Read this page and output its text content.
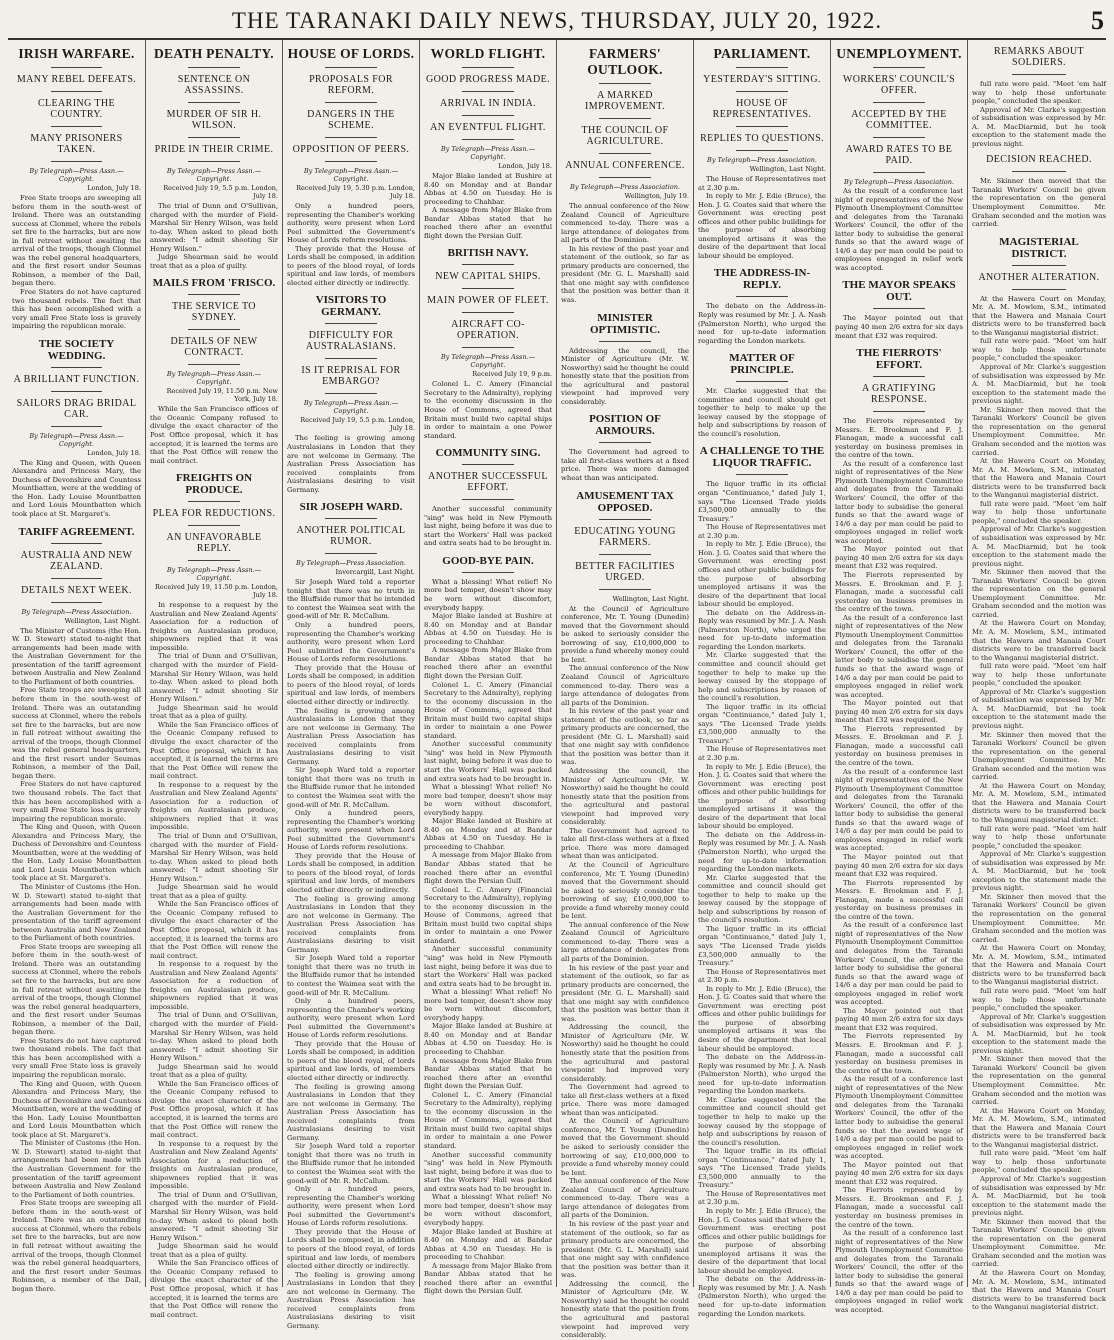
THE TARANAKI DAILY NEWS, THURSDAY, JULY 20, 1922.	5
IRISH WARFARE.
MANY REBEL DEFEATS.
CLEARING THE COUNTRY.
MANY PRISONERS TAKEN.
By Telegraph—Press Assn.—Copyright.
London, July 18.

Free State troops are sweeping all before them in the south-west of Ireland. There was an outstanding success at Clonmel, where the rebels set fire to the barracks, but are now in full retreat without awaiting the arrival of the troops, though Clonmel was the rebel general headquarters, and the first resort under Seumas Robinson, a member of the Dail, began there.

Free Staters do not have captured two thousand rebels. The fact that this has been accomplished with a very small Free State loss is gravely impairing the republican morale.

THE SOCIETY WEDDING.
A BRILLIANT FUNCTION.
SAILORS DRAG BRIDAL CAR.
By Telegraph—Press Assn.—Copyright.
London, July 18.

The King and Queen, with Queen Alexandra and Princess Mary, the Duchess of Devonshire and Countess Mountbatten, were at the wedding of the Hon. Lady Louise Mountbatten and Lord Louis Mountbatten which took place at St. Margaret's.

TARIFF AGREEMENT.
AUSTRALIA AND NEW ZEALAND.
DETAILS NEXT WEEK.
By Telegraph—Press Association.
Wellington, Last Night.

The Minister of Customs (the Hon. W. D. Stewart) stated to-night that arrangements had been made with the Australian Government for the presentation of the tariff agreement between Australia and New Zealand to the Parliament of both countries.

Free State troops are sweeping all before them in the south-west of Ireland. There was an outstanding success at Clonmel, where the rebels set fire to the barracks, but are now in full retreat without awaiting the arrival of the troops, though Clonmel was the rebel general headquarters, and the first resort under Seumas Robinson, a member of the Dail, began there.
Free Staters do not have captured two thousand rebels. The fact that this has been accomplished with a very small Free State loss is gravely impairing the republican morale.
The King and Queen, with Queen Alexandra and Princess Mary, the Duchess of Devonshire and Countess Mountbatten, were at the wedding of the Hon. Lady Louise Mountbatten and Lord Louis Mountbatten which took place at St. Margaret's.
The Minister of Customs (the Hon. W. D. Stewart) stated to-night that arrangements had been made with the Australian Government for the presentation of the tariff agreement between Australia and New Zealand to the Parliament of both countries.
Free State troops are sweeping all before them in the south-west of Ireland. There was an outstanding success at Clonmel, where the rebels set fire to the barracks, but are now in full retreat without awaiting the arrival of the troops, though Clonmel was the rebel general headquarters, and the first resort under Seumas Robinson, a member of the Dail, began there.
Free Staters do not have captured two thousand rebels. The fact that this has been accomplished with a very small Free State loss is gravely impairing the republican morale.
The King and Queen, with Queen Alexandra and Princess Mary, the Duchess of Devonshire and Countess Mountbatten, were at the wedding of the Hon. Lady Louise Mountbatten and Lord Louis Mountbatten which took place at St. Margaret's.
The Minister of Customs (the Hon. W. D. Stewart) stated to-night that arrangements had been made with the Australian Government for the presentation of the tariff agreement between Australia and New Zealand to the Parliament of both countries.
Free State troops are sweeping all before them in the south-west of Ireland. There was an outstanding success at Clonmel, where the rebels set fire to the barracks, but are now in full retreat without awaiting the arrival of the troops, though Clonmel was the rebel general headquarters, and the first resort under Seumas Robinson, a member of the Dail, began there.
DEATH PENALTY.
SENTENCE ON ASSASSINS.
MURDER OF SIR H. WILSON.
PRIDE IN THEIR CRIME.
By Telegraph—Press Assn.—Copyright.
Received July 19, 5.5 p.m. London, July 18.

The trial of Dunn and O'Sullivan, charged with the murder of Field-Marshal Sir Henry Wilson, was held to-day. When asked to plead both answered: "I admit shooting Sir Henry Wilson."

Judge Shearman said he would treat that as a plea of guilty.

MAILS FROM 'FRISCO.
THE SERVICE TO SYDNEY.
DETAILS OF NEW CONTRACT.
By Telegraph—Press Assn.—Copyright.
Received July 19, 11.50 p.m. New York, July 18.

While the San Francisco offices of the Oceanic Company refused to divulge the exact character of the Post Office proposal, which it has accepted, it is learned the terms are that the Post Office will renew the mail contract.

FREIGHTS ON PRODUCE.
PLEA FOR REDUCTIONS.
AN UNFAVORABLE REPLY.
By Telegraph—Press Assn.—Copyright.
Received July 19, 11.50 p.m. London, July 18.

In response to a request by the Australian and New Zealand Agents' Association for a reduction of freights on Australasian produce, shipowners replied that it was impossible.

The trial of Dunn and O'Sullivan, charged with the murder of Field-Marshal Sir Henry Wilson, was held to-day. When asked to plead both answered: "I admit shooting Sir Henry Wilson."
Judge Shearman said he would treat that as a plea of guilty.
While the San Francisco offices of the Oceanic Company refused to divulge the exact character of the Post Office proposal, which it has accepted, it is learned the terms are that the Post Office will renew the mail contract.
In response to a request by the Australian and New Zealand Agents' Association for a reduction of freights on Australasian produce, shipowners replied that it was impossible.
The trial of Dunn and O'Sullivan, charged with the murder of Field-Marshal Sir Henry Wilson, was held to-day. When asked to plead both answered: "I admit shooting Sir Henry Wilson."
Judge Shearman said he would treat that as a plea of guilty.
While the San Francisco offices of the Oceanic Company refused to divulge the exact character of the Post Office proposal, which it has accepted, it is learned the terms are that the Post Office will renew the mail contract.
In response to a request by the Australian and New Zealand Agents' Association for a reduction of freights on Australasian produce, shipowners replied that it was impossible.
The trial of Dunn and O'Sullivan, charged with the murder of Field-Marshal Sir Henry Wilson, was held to-day. When asked to plead both answered: "I admit shooting Sir Henry Wilson."
Judge Shearman said he would treat that as a plea of guilty.
While the San Francisco offices of the Oceanic Company refused to divulge the exact character of the Post Office proposal, which it has accepted, it is learned the terms are that the Post Office will renew the mail contract.
In response to a request by the Australian and New Zealand Agents' Association for a reduction of freights on Australasian produce, shipowners replied that it was impossible.
The trial of Dunn and O'Sullivan, charged with the murder of Field-Marshal Sir Henry Wilson, was held to-day. When asked to plead both answered: "I admit shooting Sir Henry Wilson."
Judge Shearman said he would treat that as a plea of guilty.
While the San Francisco offices of the Oceanic Company refused to divulge the exact character of the Post Office proposal, which it has accepted, it is learned the terms are that the Post Office will renew the mail contract.
HOUSE OF LORDS.
PROPOSALS FOR REFORM.
DANGERS IN THE SCHEME.
OPPOSITION OF PEERS.
By Telegraph—Press Assn.—Copyright.
Received July 19, 5.30 p.m. London, July 18.

Only a hundred peers, representing the Chamber's working authority, were present when Lord Peel submitted the Government's House of Lords reform resolutions.

They provide that the House of Lords shall be composed, in addition to peers of the blood royal, of lords spiritual and law lords, of members elected either directly or indirectly.

VISITORS TO GERMANY.
DIFFICULTY FOR AUSTRALASIANS.
IS IT REPRISAL FOR EMBARGO?
By Telegraph—Press Assn.—Copyright.
Received July 19, 5.5 p.m. London, July 18.

The feeling is growing among Australasians in London that they are not welcome in Germany. The Australian Press Association has received complaints from Australasians desiring to visit Germany.

SIR JOSEPH WARD.
ANOTHER POLITICAL RUMOR.
By Telegraph—Press Association.
Invercargill, Last Night.

Sir Joseph Ward told a reporter tonight that there was no truth in the Bluffside rumor that he intended to contest the Waimea seat with the good-will of Mr. R. McCallum.

Only a hundred peers, representing the Chamber's working authority, were present when Lord Peel submitted the Government's House of Lords reform resolutions.
They provide that the House of Lords shall be composed, in addition to peers of the blood royal, of lords spiritual and law lords, of members elected either directly or indirectly.
The feeling is growing among Australasians in London that they are not welcome in Germany. The Australian Press Association has received complaints from Australasians desiring to visit Germany.
Sir Joseph Ward told a reporter tonight that there was no truth in the Bluffside rumor that he intended to contest the Waimea seat with the good-will of Mr. R. McCallum.
Only a hundred peers, representing the Chamber's working authority, were present when Lord Peel submitted the Government's House of Lords reform resolutions.
They provide that the House of Lords shall be composed, in addition to peers of the blood royal, of lords spiritual and law lords, of members elected either directly or indirectly.
The feeling is growing among Australasians in London that they are not welcome in Germany. The Australian Press Association has received complaints from Australasians desiring to visit Germany.
Sir Joseph Ward told a reporter tonight that there was no truth in the Bluffside rumor that he intended to contest the Waimea seat with the good-will of Mr. R. McCallum.
Only a hundred peers, representing the Chamber's working authority, were present when Lord Peel submitted the Government's House of Lords reform resolutions.
They provide that the House of Lords shall be composed, in addition to peers of the blood royal, of lords spiritual and law lords, of members elected either directly or indirectly.
The feeling is growing among Australasians in London that they are not welcome in Germany. The Australian Press Association has received complaints from Australasians desiring to visit Germany.
Sir Joseph Ward told a reporter tonight that there was no truth in the Bluffside rumor that he intended to contest the Waimea seat with the good-will of Mr. R. McCallum.
Only a hundred peers, representing the Chamber's working authority, were present when Lord Peel submitted the Government's House of Lords reform resolutions.
They provide that the House of Lords shall be composed, in addition to peers of the blood royal, of lords spiritual and law lords, of members elected either directly or indirectly.
The feeling is growing among Australasians in London that they are not welcome in Germany. The Australian Press Association has received complaints from Australasians desiring to visit Germany.
WORLD FLIGHT.
GOOD PROGRESS MADE.
ARRIVAL IN INDIA.
AN EVENTFUL FLIGHT.
By Telegraph—Press Assn.—Copyright.
London, July 18.

Major Blake landed at Bushire at 8.40 on Monday and at Bandar Abbas at 4.50 on Tuesday. He is proceeding to Chahbar.

A message from Major Blake from Bandar Abbas stated that he reached there after an eventful flight down the Persian Gulf.

BRITISH NAVY.
NEW CAPITAL SHIPS.
MAIN POWER OF FLEET.
AIRCRAFT CO-OPERATION.
By Telegraph—Press Assn.—Copyright.
Received July 19, 9 p.m.

Colonel L. C. Amery (Financial Secretary to the Admiralty), replying to the economy discussion in the House of Commons, agreed that Britain must build two capital ships in order to maintain a one Power standard.

COMMUNITY SING.
ANOTHER SUCCESSFUL EFFORT.

Another successful community "sing" was held in New Plymouth last night, being before it was due to start the Workers' Hall was packed and extra seats had to be brought in.

GOOD-BYE PAIN.

What a blessing! What relief! No more bad temper, doesn't show may be worn without discomfort, everybody happy.

Major Blake landed at Bushire at 8.40 on Monday and at Bandar Abbas at 4.50 on Tuesday. He is proceeding to Chahbar.
A message from Major Blake from Bandar Abbas stated that he reached there after an eventful flight down the Persian Gulf.
Colonel L. C. Amery (Financial Secretary to the Admiralty), replying to the economy discussion in the House of Commons, agreed that Britain must build two capital ships in order to maintain a one Power standard.
Another successful community "sing" was held in New Plymouth last night, being before it was due to start the Workers' Hall was packed and extra seats had to be brought in.
What a blessing! What relief! No more bad temper, doesn't show may be worn without discomfort, everybody happy.
Major Blake landed at Bushire at 8.40 on Monday and at Bandar Abbas at 4.50 on Tuesday. He is proceeding to Chahbar.
A message from Major Blake from Bandar Abbas stated that he reached there after an eventful flight down the Persian Gulf.
Colonel L. C. Amery (Financial Secretary to the Admiralty), replying to the economy discussion in the House of Commons, agreed that Britain must build two capital ships in order to maintain a one Power standard.
Another successful community "sing" was held in New Plymouth last night, being before it was due to start the Workers' Hall was packed and extra seats had to be brought in.
What a blessing! What relief! No more bad temper, doesn't show may be worn without discomfort, everybody happy.
Major Blake landed at Bushire at 8.40 on Monday and at Bandar Abbas at 4.50 on Tuesday. He is proceeding to Chahbar.
A message from Major Blake from Bandar Abbas stated that he reached there after an eventful flight down the Persian Gulf.
Colonel L. C. Amery (Financial Secretary to the Admiralty), replying to the economy discussion in the House of Commons, agreed that Britain must build two capital ships in order to maintain a one Power standard.
Another successful community "sing" was held in New Plymouth last night, being before it was due to start the Workers' Hall was packed and extra seats had to be brought in.
What a blessing! What relief! No more bad temper, doesn't show may be worn without discomfort, everybody happy.
Major Blake landed at Bushire at 8.40 on Monday and at Bandar Abbas at 4.50 on Tuesday. He is proceeding to Chahbar.
A message from Major Blake from Bandar Abbas stated that he reached there after an eventful flight down the Persian Gulf.
FARMERS' OUTLOOK.
A MARKED IMPROVEMENT.
THE COUNCIL OF AGRICULTURE.
ANNUAL CONFERENCE.
By Telegraph—Press Association.
Wellington, July 19.

The annual conference of the New Zealand Council of Agriculture commenced to-day. There was a large attendance of delegates from all parts of the Dominion.

In his review of the past year and statement of the outlook, so far as primary products are concerned, the president (Mr. G. L. Marshall) said that one might say with confidence that the position was better than it was.

MINISTER OPTIMISTIC.

Addressing the council, the Minister of Agriculture (Mr. W. Nosworthy) said he thought he could honestly state that the position from the agricultural and pastoral viewpoint had improved very considerably.

POSITION OF ARMOURS.

The Government had agreed to take all first-class wethers at a fixed price. There was more damaged wheat than was anticipated.

AMUSEMENT TAX OPPOSED.
EDUCATING YOUNG FARMERS.
BETTER FACILITIES URGED.
Wellington, Last Night.

At the Council of Agriculture conference, Mr. T. Young (Dunedin) moved that the Government should be asked to seriously consider the borrowing of say, £10,000,000 to provide a fund whereby money could be lent.

The annual conference of the New Zealand Council of Agriculture commenced to-day. There was a large attendance of delegates from all parts of the Dominion.
In his review of the past year and statement of the outlook, so far as primary products are concerned, the president (Mr. G. L. Marshall) said that one might say with confidence that the position was better than it was.
Addressing the council, the Minister of Agriculture (Mr. W. Nosworthy) said he thought he could honestly state that the position from the agricultural and pastoral viewpoint had improved very considerably.
The Government had agreed to take all first-class wethers at a fixed price. There was more damaged wheat than was anticipated.
At the Council of Agriculture conference, Mr. T. Young (Dunedin) moved that the Government should be asked to seriously consider the borrowing of say, £10,000,000 to provide a fund whereby money could be lent.
The annual conference of the New Zealand Council of Agriculture commenced to-day. There was a large attendance of delegates from all parts of the Dominion.
In his review of the past year and statement of the outlook, so far as primary products are concerned, the president (Mr. G. L. Marshall) said that one might say with confidence that the position was better than it was.
Addressing the council, the Minister of Agriculture (Mr. W. Nosworthy) said he thought he could honestly state that the position from the agricultural and pastoral viewpoint had improved very considerably.
The Government had agreed to take all first-class wethers at a fixed price. There was more damaged wheat than was anticipated.
At the Council of Agriculture conference, Mr. T. Young (Dunedin) moved that the Government should be asked to seriously consider the borrowing of say, £10,000,000 to provide a fund whereby money could be lent.
The annual conference of the New Zealand Council of Agriculture commenced to-day. There was a large attendance of delegates from all parts of the Dominion.
In his review of the past year and statement of the outlook, so far as primary products are concerned, the president (Mr. G. L. Marshall) said that one might say with confidence that the position was better than it was.
Addressing the council, the Minister of Agriculture (Mr. W. Nosworthy) said he thought he could honestly state that the position from the agricultural and pastoral viewpoint had improved very considerably.
PARLIAMENT.
YESTERDAY'S SITTING.
HOUSE OF REPRESENTATIVES.
REPLIES TO QUESTIONS.
By Telegraph—Press Association.
Wellington, Last Night.

The House of Representatives met at 2.30 p.m.

In reply to Mr. J. Edie (Bruce), the Hon. J. G. Coates said that where the Government was erecting post offices and other public buildings for the purpose of absorbing unemployed artisans it was the desire of the department that local labour should be employed.

THE ADDRESS-IN-REPLY.

The debate on the Address-in-Reply was resumed by Mr. J. A. Nash (Palmerston North), who urged the need for up-to-date information regarding the London markets.

MATTER OF PRINCIPLE.

Mr. Clarke suggested that the committee and council should get together to help to make up the leeway caused by the stoppage of help and subscriptions by reason of the council's resolution.

A CHALLENGE TO THE LIQUOR TRAFFIC.

The liquor traffic in its official organ "Continuance," dated July 1, says "The Licensed Trade yields £3,500,000 annually to the Treasury."

The House of Representatives met at 2.30 p.m.
In reply to Mr. J. Edie (Bruce), the Hon. J. G. Coates said that where the Government was erecting post offices and other public buildings for the purpose of absorbing unemployed artisans it was the desire of the department that local labour should be employed.
The debate on the Address-in-Reply was resumed by Mr. J. A. Nash (Palmerston North), who urged the need for up-to-date information regarding the London markets.
Mr. Clarke suggested that the committee and council should get together to help to make up the leeway caused by the stoppage of help and subscriptions by reason of the council's resolution.
The liquor traffic in its official organ "Continuance," dated July 1, says "The Licensed Trade yields £3,500,000 annually to the Treasury."
The House of Representatives met at 2.30 p.m.
In reply to Mr. J. Edie (Bruce), the Hon. J. G. Coates said that where the Government was erecting post offices and other public buildings for the purpose of absorbing unemployed artisans it was the desire of the department that local labour should be employed.
The debate on the Address-in-Reply was resumed by Mr. J. A. Nash (Palmerston North), who urged the need for up-to-date information regarding the London markets.
Mr. Clarke suggested that the committee and council should get together to help to make up the leeway caused by the stoppage of help and subscriptions by reason of the council's resolution.
The liquor traffic in its official organ "Continuance," dated July 1, says "The Licensed Trade yields £3,500,000 annually to the Treasury."
The House of Representatives met at 2.30 p.m.
In reply to Mr. J. Edie (Bruce), the Hon. J. G. Coates said that where the Government was erecting post offices and other public buildings for the purpose of absorbing unemployed artisans it was the desire of the department that local labour should be employed.
The debate on the Address-in-Reply was resumed by Mr. J. A. Nash (Palmerston North), who urged the need for up-to-date information regarding the London markets.
Mr. Clarke suggested that the committee and council should get together to help to make up the leeway caused by the stoppage of help and subscriptions by reason of the council's resolution.
The liquor traffic in its official organ "Continuance," dated July 1, says "The Licensed Trade yields £3,500,000 annually to the Treasury."
The House of Representatives met at 2.30 p.m.
In reply to Mr. J. Edie (Bruce), the Hon. J. G. Coates said that where the Government was erecting post offices and other public buildings for the purpose of absorbing unemployed artisans it was the desire of the department that local labour should be employed.
The debate on the Address-in-Reply was resumed by Mr. J. A. Nash (Palmerston North), who urged the need for up-to-date information regarding the London markets.
UNEMPLOYMENT.
WORKERS' COUNCIL'S OFFER.
ACCEPTED BY THE COMMITTEE.
AWARD RATES TO BE PAID.
By Telegraph—Press Association.

As the result of a conference last night of representatives of the New Plymouth Unemployment Committee and delegates from the Taranaki Workers' Council, the offer of the latter body to subsidise the general funds so that the award wage of 14/6 a day per man could be paid to employees engaged in relief work was accepted.

THE MAYOR SPEAKS OUT.

The Mayor pointed out that paying 40 men 2/6 extra for six days meant that £32 was required.

THE FIERROTS' EFFORT.
A GRATIFYING RESPONSE.

The Fierrots represented by Messrs. E. Brookman and F. J. Flanagan, made a successful call yesterday on business premises in the centre of the town.

As the result of a conference last night of representatives of the New Plymouth Unemployment Committee and delegates from the Taranaki Workers' Council, the offer of the latter body to subsidise the general funds so that the award wage of 14/6 a day per man could be paid to employees engaged in relief work was accepted.
The Mayor pointed out that paying 40 men 2/6 extra for six days meant that £32 was required.
The Fierrots represented by Messrs. E. Brookman and F. J. Flanagan, made a successful call yesterday on business premises in the centre of the town.
As the result of a conference last night of representatives of the New Plymouth Unemployment Committee and delegates from the Taranaki Workers' Council, the offer of the latter body to subsidise the general funds so that the award wage of 14/6 a day per man could be paid to employees engaged in relief work was accepted.
The Mayor pointed out that paying 40 men 2/6 extra for six days meant that £32 was required.
The Fierrots represented by Messrs. E. Brookman and F. J. Flanagan, made a successful call yesterday on business premises in the centre of the town.
As the result of a conference last night of representatives of the New Plymouth Unemployment Committee and delegates from the Taranaki Workers' Council, the offer of the latter body to subsidise the general funds so that the award wage of 14/6 a day per man could be paid to employees engaged in relief work was accepted.
The Mayor pointed out that paying 40 men 2/6 extra for six days meant that £32 was required.
The Fierrots represented by Messrs. E. Brookman and F. J. Flanagan, made a successful call yesterday on business premises in the centre of the town.
As the result of a conference last night of representatives of the New Plymouth Unemployment Committee and delegates from the Taranaki Workers' Council, the offer of the latter body to subsidise the general funds so that the award wage of 14/6 a day per man could be paid to employees engaged in relief work was accepted.
The Mayor pointed out that paying 40 men 2/6 extra for six days meant that £32 was required.
The Fierrots represented by Messrs. E. Brookman and F. J. Flanagan, made a successful call yesterday on business premises in the centre of the town.
As the result of a conference last night of representatives of the New Plymouth Unemployment Committee and delegates from the Taranaki Workers' Council, the offer of the latter body to subsidise the general funds so that the award wage of 14/6 a day per man could be paid to employees engaged in relief work was accepted.
The Mayor pointed out that paying 40 men 2/6 extra for six days meant that £32 was required.
The Fierrots represented by Messrs. E. Brookman and F. J. Flanagan, made a successful call yesterday on business premises in the centre of the town.
As the result of a conference last night of representatives of the New Plymouth Unemployment Committee and delegates from the Taranaki Workers' Council, the offer of the latter body to subsidise the general funds so that the award wage of 14/6 a day per man could be paid to employees engaged in relief work was accepted.
REMARKS ABOUT SOLDIERS.

full rate were paid. "Meet 'em half way to help those unfortunate people," concluded the speaker.

Approval of Mr. Clarke's suggestion of subsidisation was expressed by Mr. A. M. MacDiarmid, but he took exception to the statement made the previous night.

DECISION REACHED.

Mr. Skinner then moved that the Taranaki Workers' Council be given the representation on the general Unemployment Committee. Mr. Graham seconded and the motion was carried.

MAGISTERIAL DISTRICT.
ANOTHER ALTERATION.

At the Hawera Court on Monday, Mr. A. M. Mowlem, S.M., intimated that the Hawera and Manaia Court districts were to be transferred back to the Wanganui magisterial district.

full rate were paid. "Meet 'em half way to help those unfortunate people," concluded the speaker.
Approval of Mr. Clarke's suggestion of subsidisation was expressed by Mr. A. M. MacDiarmid, but he took exception to the statement made the previous night.
Mr. Skinner then moved that the Taranaki Workers' Council be given the representation on the general Unemployment Committee. Mr. Graham seconded and the motion was carried.
At the Hawera Court on Monday, Mr. A. M. Mowlem, S.M., intimated that the Hawera and Manaia Court districts were to be transferred back to the Wanganui magisterial district.
full rate were paid. "Meet 'em half way to help those unfortunate people," concluded the speaker.
Approval of Mr. Clarke's suggestion of subsidisation was expressed by Mr. A. M. MacDiarmid, but he took exception to the statement made the previous night.
Mr. Skinner then moved that the Taranaki Workers' Council be given the representation on the general Unemployment Committee. Mr. Graham seconded and the motion was carried.
At the Hawera Court on Monday, Mr. A. M. Mowlem, S.M., intimated that the Hawera and Manaia Court districts were to be transferred back to the Wanganui magisterial district.
full rate were paid. "Meet 'em half way to help those unfortunate people," concluded the speaker.
Approval of Mr. Clarke's suggestion of subsidisation was expressed by Mr. A. M. MacDiarmid, but he took exception to the statement made the previous night.
Mr. Skinner then moved that the Taranaki Workers' Council be given the representation on the general Unemployment Committee. Mr. Graham seconded and the motion was carried.
At the Hawera Court on Monday, Mr. A. M. Mowlem, S.M., intimated that the Hawera and Manaia Court districts were to be transferred back to the Wanganui magisterial district.
full rate were paid. "Meet 'em half way to help those unfortunate people," concluded the speaker.
Approval of Mr. Clarke's suggestion of subsidisation was expressed by Mr. A. M. MacDiarmid, but he took exception to the statement made the previous night.
Mr. Skinner then moved that the Taranaki Workers' Council be given the representation on the general Unemployment Committee. Mr. Graham seconded and the motion was carried.
At the Hawera Court on Monday, Mr. A. M. Mowlem, S.M., intimated that the Hawera and Manaia Court districts were to be transferred back to the Wanganui magisterial district.
full rate were paid. "Meet 'em half way to help those unfortunate people," concluded the speaker.
Approval of Mr. Clarke's suggestion of subsidisation was expressed by Mr. A. M. MacDiarmid, but he took exception to the statement made the previous night.
Mr. Skinner then moved that the Taranaki Workers' Council be given the representation on the general Unemployment Committee. Mr. Graham seconded and the motion was carried.
At the Hawera Court on Monday, Mr. A. M. Mowlem, S.M., intimated that the Hawera and Manaia Court districts were to be transferred back to the Wanganui magisterial district.
full rate were paid. "Meet 'em half way to help those unfortunate people," concluded the speaker.
Approval of Mr. Clarke's suggestion of subsidisation was expressed by Mr. A. M. MacDiarmid, but he took exception to the statement made the previous night.
Mr. Skinner then moved that the Taranaki Workers' Council be given the representation on the general Unemployment Committee. Mr. Graham seconded and the motion was carried.
At the Hawera Court on Monday, Mr. A. M. Mowlem, S.M., intimated that the Hawera and Manaia Court districts were to be transferred back to the Wanganui magisterial district.
